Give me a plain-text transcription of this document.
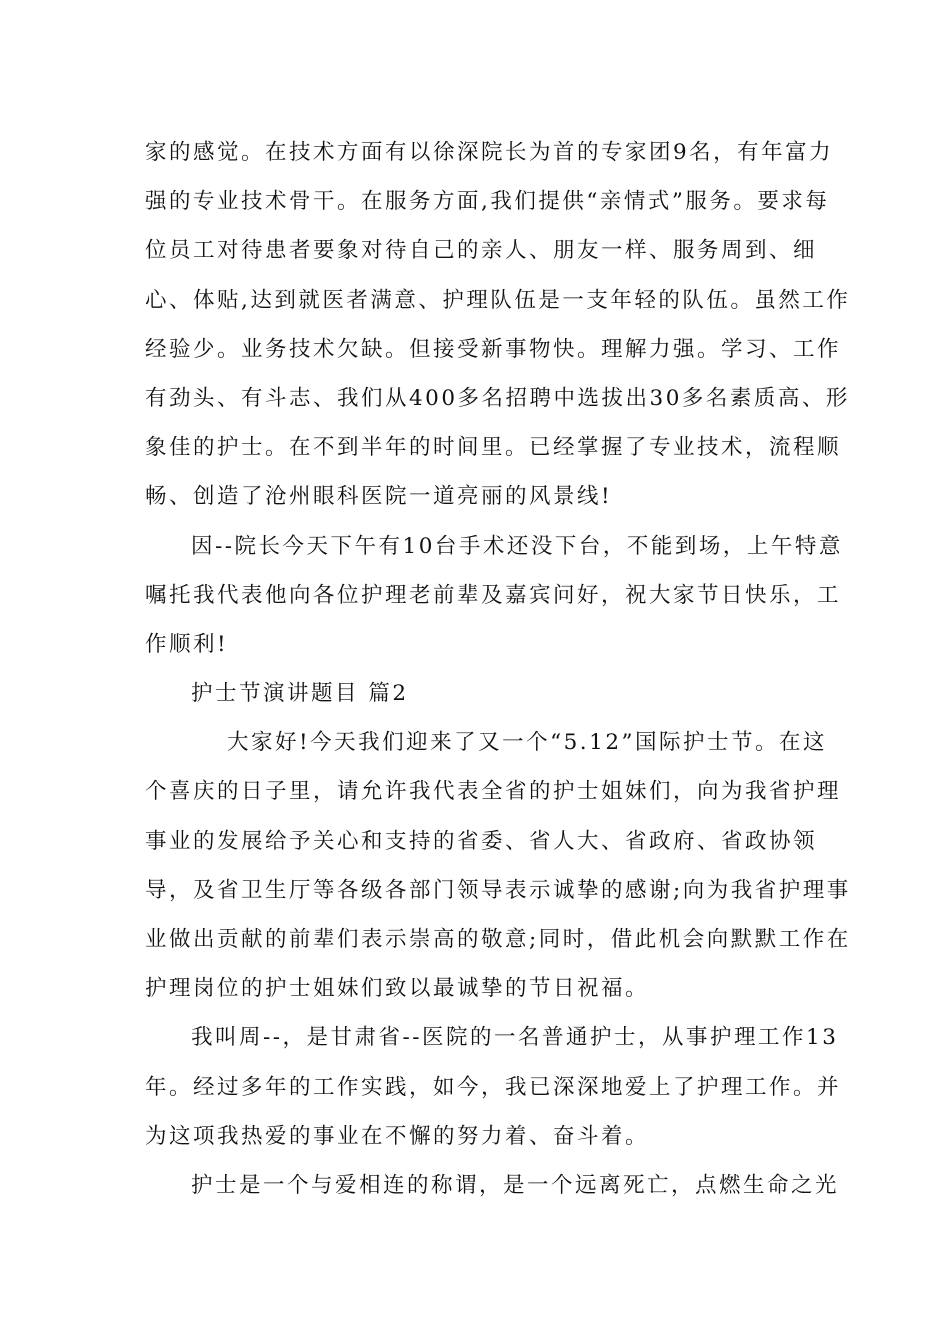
家的感觉。在技术方面有以徐深院长为首的专家团9名，有年富力
强的专业技术骨干。在服务方面,我们提供“亲情式”服务。要求每
位员工对待患者要象对待自己的亲人、朋友一样、服务周到、细
心、体贴,达到就医者满意、护理队伍是一支年轻的队伍。虽然工作
经验少。业务技术欠缺。但接受新事物快。理解力强。学习、工作
有劲头、有斗志、我们从400多名招聘中选拔出30多名素质高、形
象佳的护士。在不到半年的时间里。已经掌握了专业技术，流程顺
畅、创造了沧州眼科医院一道亮丽的风景线!
因--院长今天下午有10台手术还没下台，不能到场，上午特意
嘱托我代表他向各位护理老前辈及嘉宾问好，祝大家节日快乐，工
作顺利!
护士节演讲题目 篇2
大家好!今天我们迎来了又一个“5.12”国际护士节。在这
个喜庆的日子里，请允许我代表全省的护士姐妹们，向为我省护理
事业的发展给予关心和支持的省委、省人大、省政府、省政协领
导，及省卫生厅等各级各部门领导表示诚挚的感谢;向为我省护理事
业做出贡献的前辈们表示崇高的敬意;同时，借此机会向默默工作在
护理岗位的护士姐妹们致以最诚挚的节日祝福。
我叫周--，是甘肃省--医院的一名普通护士，从事护理工作13
年。经过多年的工作实践，如今，我已深深地爱上了护理工作。并
为这项我热爱的事业在不懈的努力着、奋斗着。
护士是一个与爱相连的称谓，是一个远离死亡，点燃生命之光
